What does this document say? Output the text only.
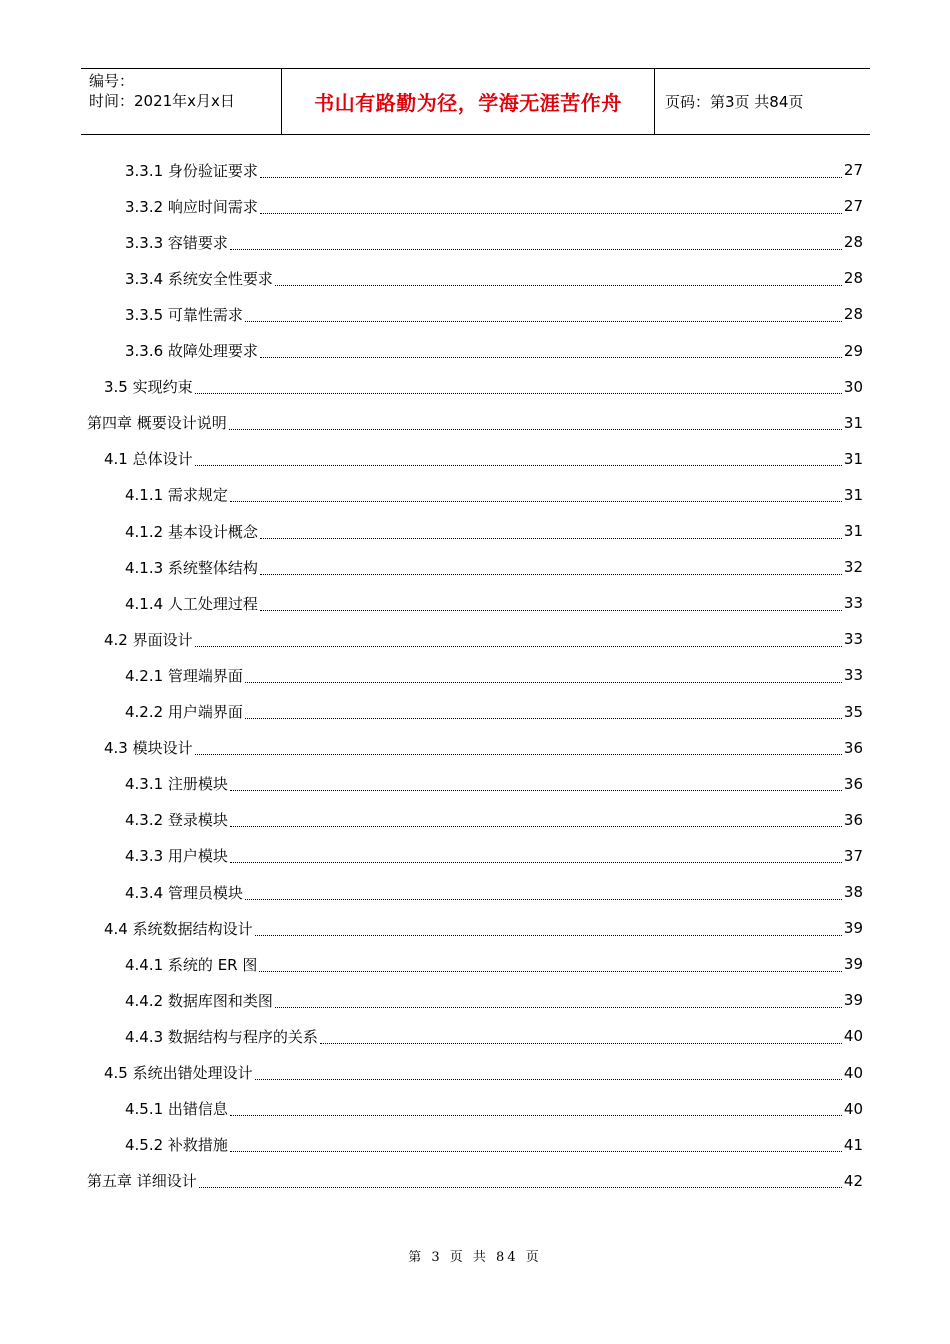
编号：
时间：2021年x月x日	书山有路勤为径，学海无涯苦作舟	页码：第3页 共84页
3.3.1 身份验证要求	27
3.3.2 响应时间需求	27
3.3.3 容错要求	28
3.3.4 系统安全性要求	28
3.3.5 可靠性需求	28
3.3.6 故障处理要求	29
3.5 实现约束	30
第四章 概要设计说明	31
4.1 总体设计	31
4.1.1 需求规定	31
4.1.2 基本设计概念	31
4.1.3 系统整体结构	32
4.1.4 人工处理过程	33
4.2 界面设计	33
4.2.1 管理端界面	33
4.2.2 用户端界面	35
4.3 模块设计	36
4.3.1 注册模块	36
4.3.2 登录模块	36
4.3.3 用户模块	37
4.3.4 管理员模块	38
4.4 系统数据结构设计	39
4.4.1 系统的 ER 图	39
4.4.2 数据库图和类图	39
4.4.3 数据结构与程序的关系	40
4.5 系统出错处理设计	40
4.5.1 出错信息	40
4.5.2 补救措施	41
第五章 详细设计	42
第 3 页 共 84 页
